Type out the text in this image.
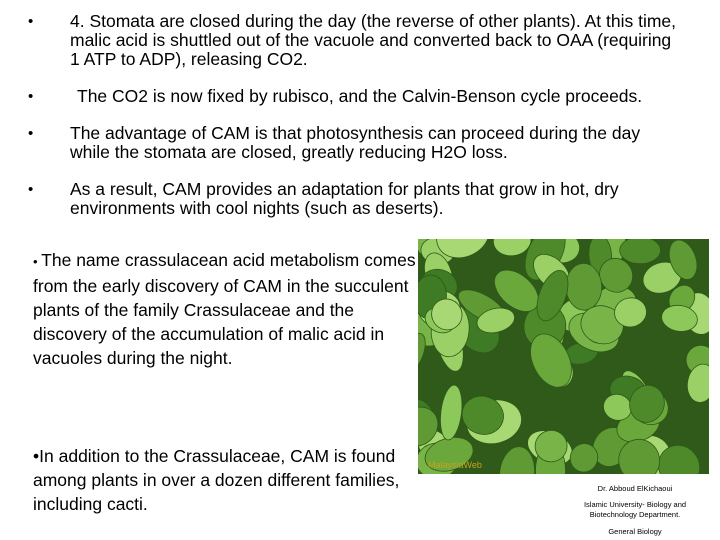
• 4. Stomata are closed during the day (the reverse of other plants). At this time, malic acid is shuttled out of the vacuole and converted back to OAA (requiring 1 ATP to ADP), releasing CO2.
•	The CO2 is now fixed by rubisco, and the Calvin-Benson cycle proceeds.
• The advantage of CAM is that photosynthesis can proceed during the day while the stomata are closed, greatly reducing H2O loss.
• As a result, CAM provides an adaptation for plants that grow in hot, dry environments with cool nights (such as deserts).
• The name crassulacean acid metabolism comes from the early discovery of CAM in the succulent plants of the family Crassulaceae and the discovery of the accumulation of malic acid in vacuoles during the night.
•In addition to the Crassulaceae, CAM is found among plants in over a dozen different families, including cacti.
MalaysiaWeb
Dr. Abboud ElKichaoui
Islamic University- Biology and Biotechnology Department.
General Biology
